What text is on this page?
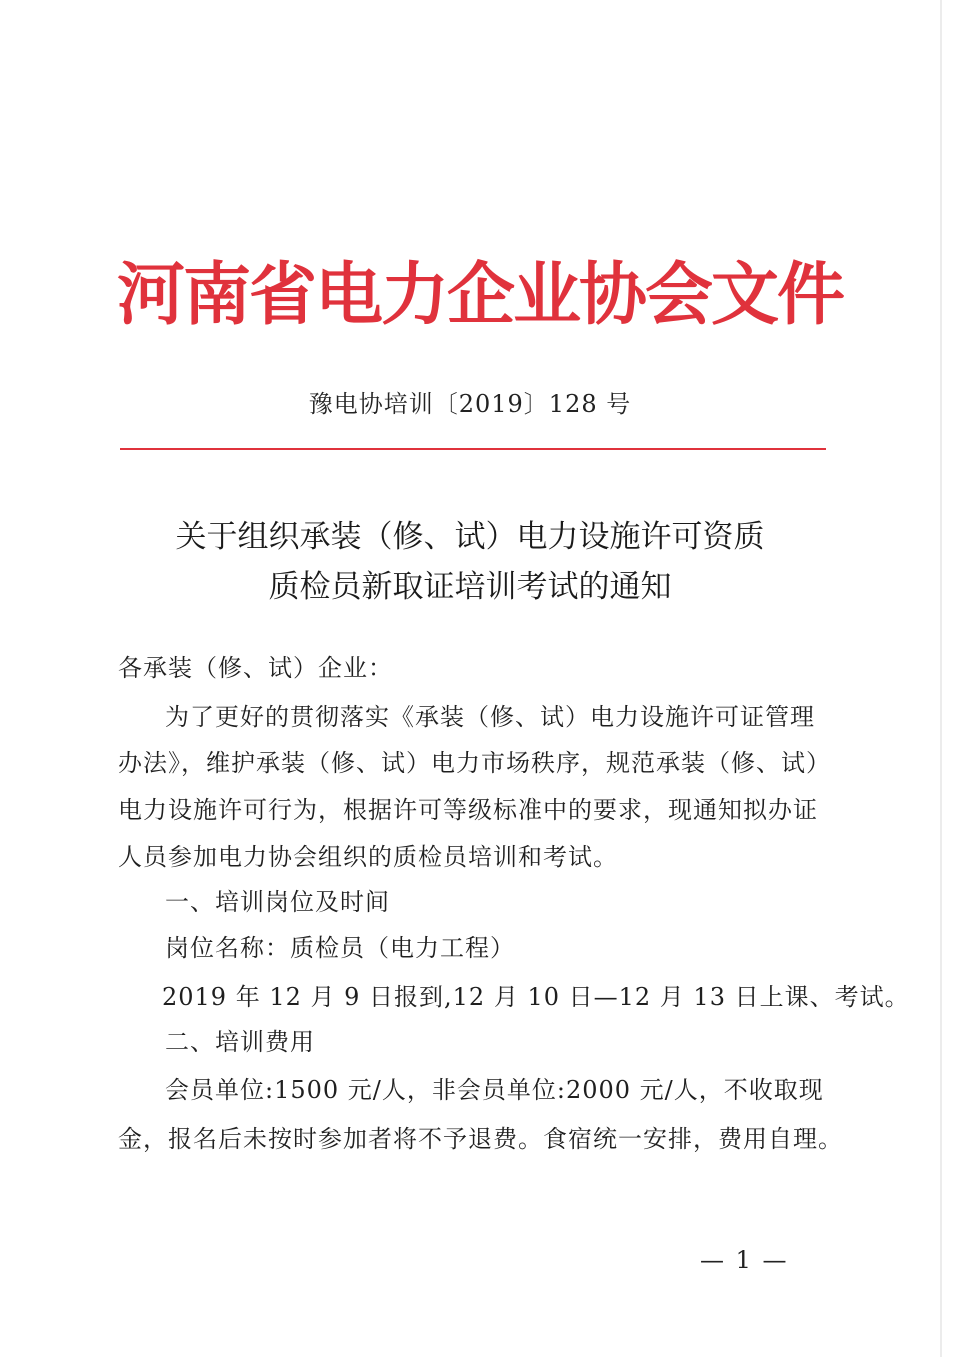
河南省电力企业协会文件
豫电协培训〔2019〕128 号
关于组织承装（修、试）电力设施许可资质
质检员新取证培训考试的通知
各承装（修、试）企业：
为了更好的贯彻落实《承装（修、试）电力设施许可证管理
办法》，维护承装（修、试）电力市场秩序，规范承装（修、试）
电力设施许可行为，根据许可等级标准中的要求，现通知拟办证
人员参加电力协会组织的质检员培训和考试。
一、培训岗位及时间
岗位名称：质检员（电力工程）
2019 年 12 月 9 日报到,12 月 10 日—12 月 13 日上课、考试。
二、培训费用
会员单位:1500 元/人，非会员单位:2000 元/人，不收取现
金，报名后未按时参加者将不予退费。食宿统一安排，费用自理。
— 1 —
